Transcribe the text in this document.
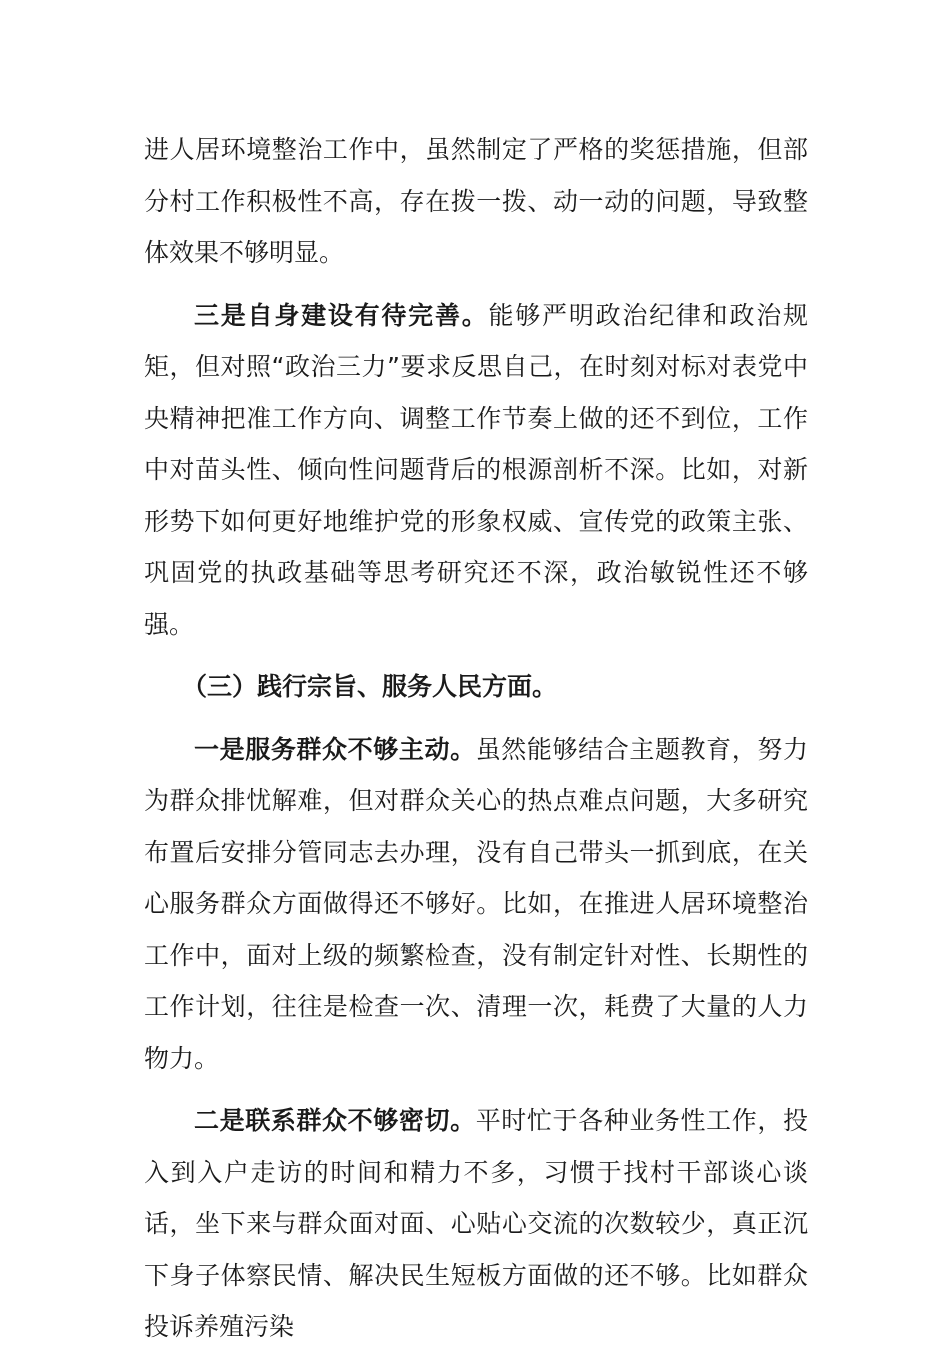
进人居环境整治工作中，虽然制定了严格的奖惩措施，但部分村工作积极性不高，存在拨一拨、动一动的问题，导致整体效果不够明显。

三是自身建设有待完善。能够严明政治纪律和政治规矩，但对照“政治三力”要求反思自己，在时刻对标对表党中央精神把准工作方向、调整工作节奏上做的还不到位，工作中对苗头性、倾向性问题背后的根源剖析不深。比如，对新形势下如何更好地维护党的形象权威、宣传党的政策主张、巩固党的执政基础等思考研究还不深，政治敏锐性还不够强。

（三）践行宗旨、服务人民方面。

一是服务群众不够主动。虽然能够结合主题教育，努力为群众排忧解难，但对群众关心的热点难点问题，大多研究布置后安排分管同志去办理，没有自己带头一抓到底，在关心服务群众方面做得还不够好。比如，在推进人居环境整治工作中，面对上级的频繁检查，没有制定针对性、长期性的工作计划，往往是检查一次、清理一次，耗费了大量的人力物力。

二是联系群众不够密切。平时忙于各种业务性工作，投入到入户走访的时间和精力不多，习惯于找村干部谈心谈话，坐下来与群众面对面、心贴心交流的次数较少，真正沉下身子体察民情、解决民生短板方面做的还不够。比如群众投诉养殖污染
